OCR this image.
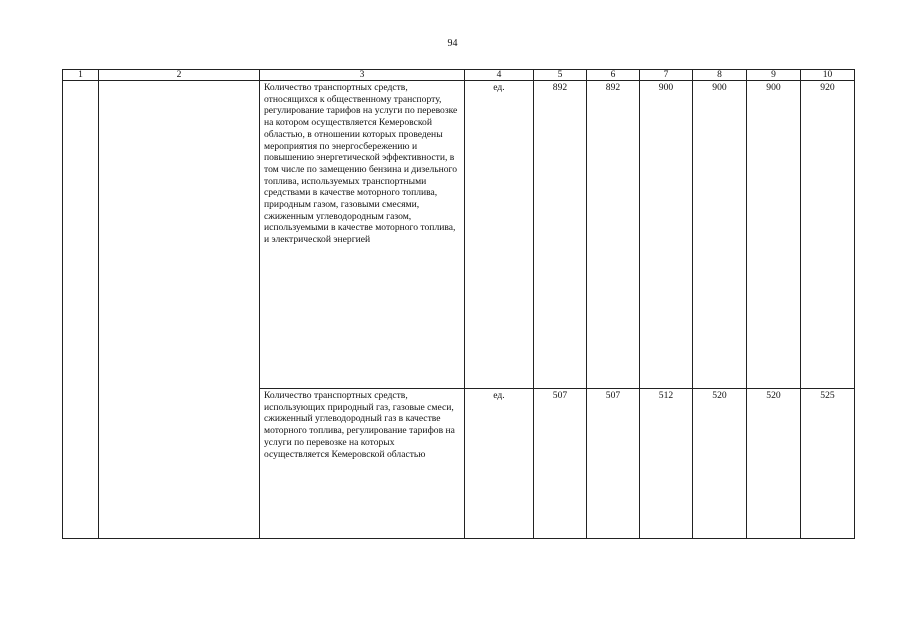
94
1	2	3	4	5	6	7	8	9	10
		Количество транспортных средств, относящихся к общественному транспорту, регулирование тарифов на услуги по перевозке на котором осуществляется Кемеровской областью, в отношении которых проведены мероприятия по энергосбережению и повышению энергетической эффективности, в том числе по замещению бензина и дизельного топлива, используемых транспортными средствами в качестве моторного топлива, природным газом, газовыми смесями, сжиженным углеводородным газом, используемыми в качестве моторного топлива, и электрической энергией	ед.	892	892	900	900	900	920
		Количество транспортных средств, использующих природный газ, газовые смеси, сжиженный углеводородный газ в качестве моторного топлива, регулирование тарифов на услуги по перевозке на которых осуществляется Кемеровской областью	ед.	507	507	512	520	520	525
